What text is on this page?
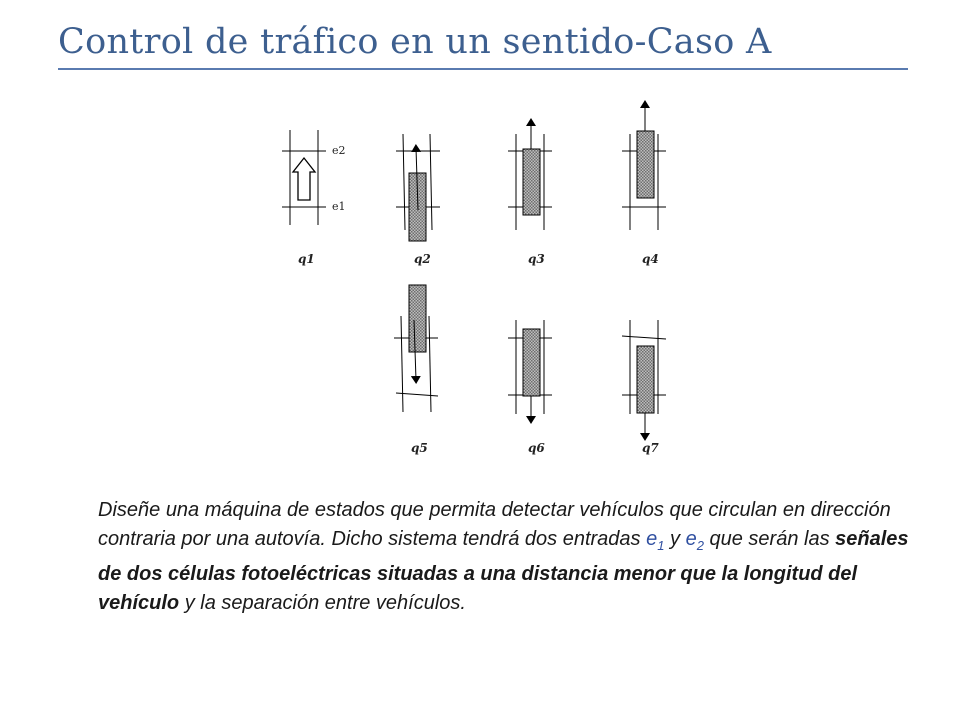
Control de tráfico en un sentido-Caso A
e2
e1
q1	q2	q3	q4
q5	q6	q7
Diseñe una máquina de estados que permita detectar vehículos que circulan en dirección contraria por una autovía. Dicho sistema tendrá dos entradas $e_1$ y $e_2$ que serán las señales de dos células fotoeléctricas situadas a una distancia menor que la longitud del vehículo y la separación entre vehículos.
